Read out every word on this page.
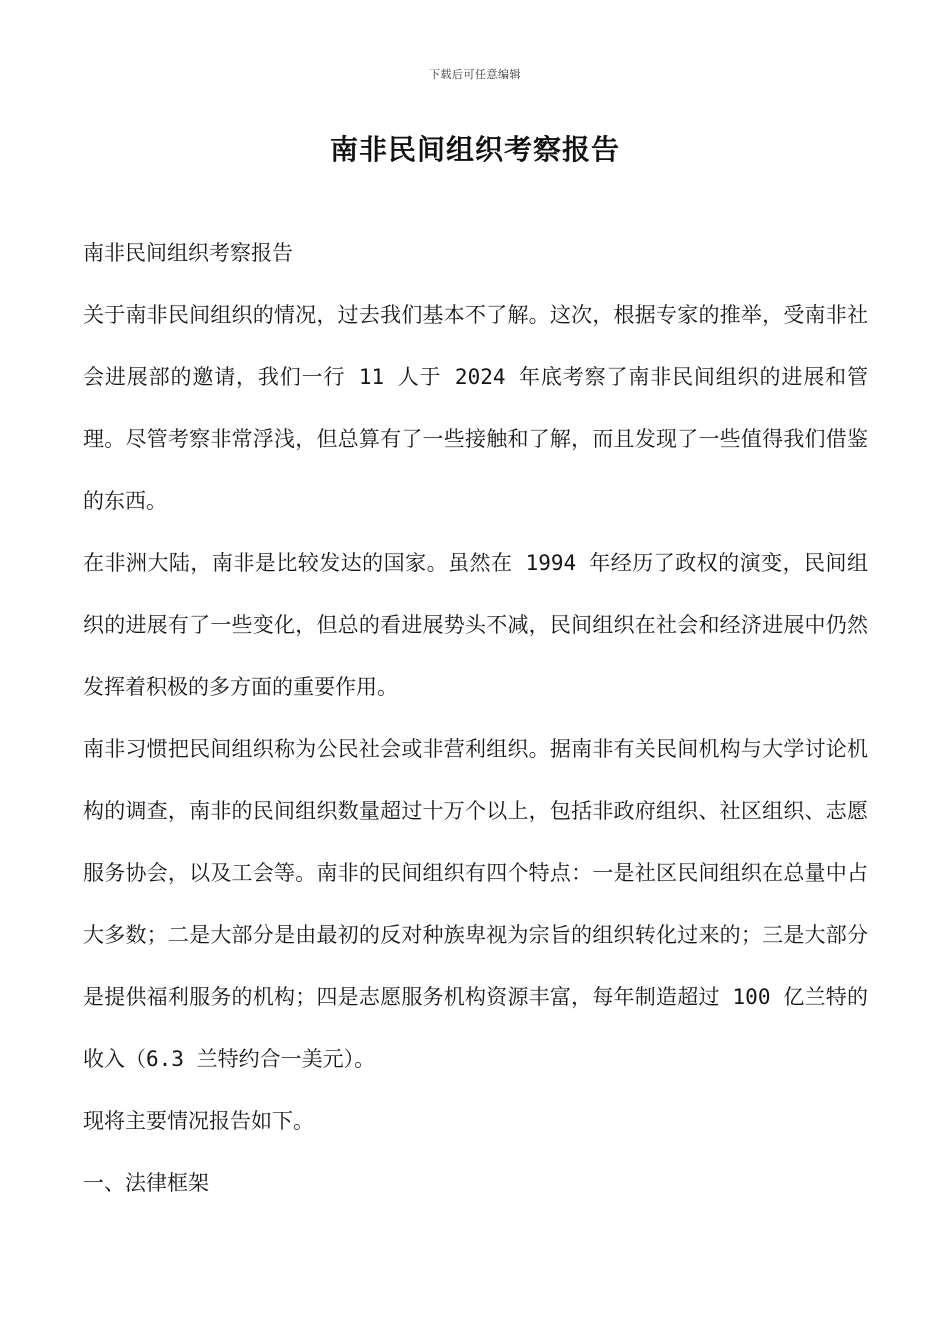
下载后可任意编辑
南非民间组织考察报告

南非民间组织考察报告

关于南非民间组织的情况，过去我们基本不了解。这次，根据专家的推举，受南非社会进展部的邀请，我们一行 11 人于 2024 年底考察了南非民间组织的进展和管理。尽管考察非常浮浅，但总算有了一些接触和了解，而且发现了一些值得我们借鉴的东西。

在非洲大陆，南非是比较发达的国家。虽然在 1994 年经历了政权的演变，民间组织的进展有了一些变化，但总的看进展势头不减，民间组织在社会和经济进展中仍然发挥着积极的多方面的重要作用。

南非习惯把民间组织称为公民社会或非营利组织。据南非有关民间机构与大学讨论机构的调查，南非的民间组织数量超过十万个以上，包括非政府组织、社区组织、志愿服务协会，以及工会等。南非的民间组织有四个特点：一是社区民间组织在总量中占大多数；二是大部分是由最初的反对种族卑视为宗旨的组织转化过来的；三是大部分是提供福利服务的机构；四是志愿服务机构资源丰富，每年制造超过 100 亿兰特的收入（6.3 兰特约合一美元）。

现将主要情况报告如下。

一、法律框架
